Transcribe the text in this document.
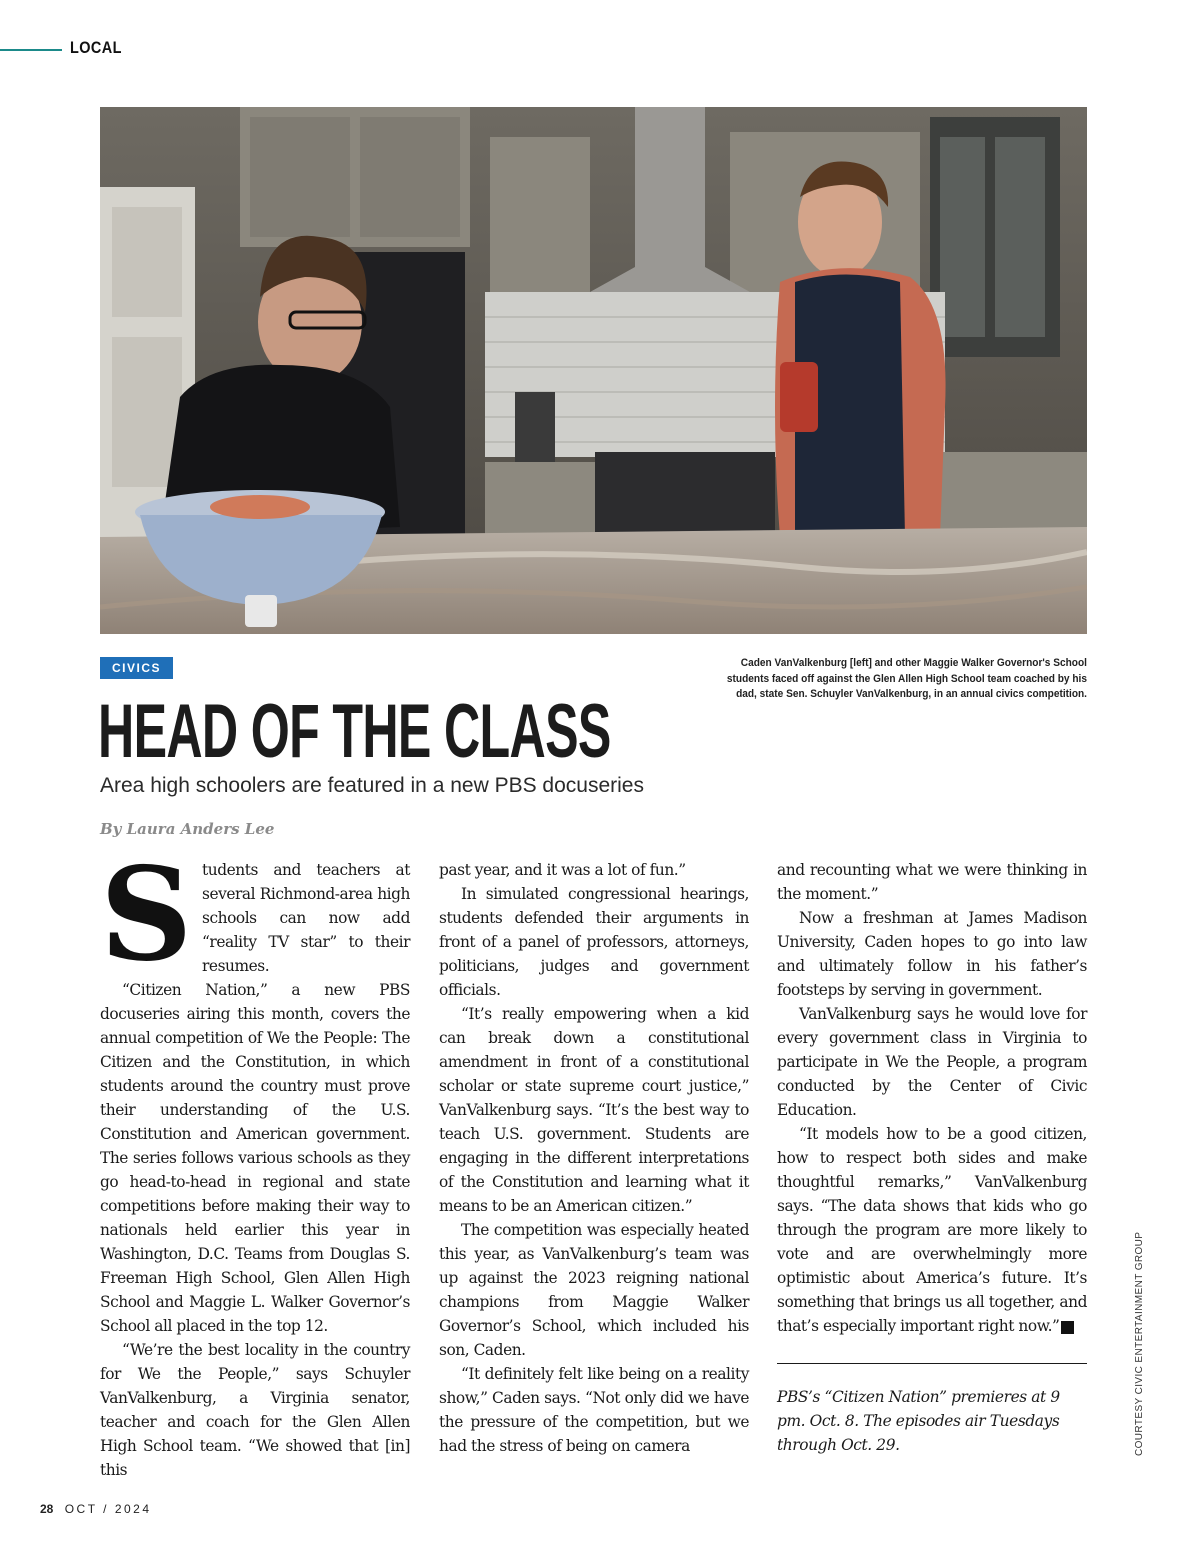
LOCAL
CIVICS	Caden VanValkenburg [left] and other Maggie Walker Governor's School students faced off against the Glen Allen High School team coached by his dad, state Sen. Schuyler VanValkenburg, in an annual civics competition.
HEAD OF THE CLASS
Area high schoolers are featured in a new PBS docuseries
By Laura Anders Lee
S tudents and teachers at several Richmond-area high schools can now add “reality TV star” to their resumes.

“Citizen Nation,” a new PBS docuseries airing this month, covers the annual competition of We the People: The Citizen and the Constitution, in which students around the country must prove their understanding of the U.S. Constitution and American government. The series follows various schools as they go head-to-head in regional and state competitions before making their way to nationals held earlier this year in Washington, D.C. Teams from Douglas S. Freeman High School, Glen Allen High School and Maggie L. Walker Governor’s School all placed in the top 12.

“We’re the best locality in the country for We the People,” says Schuyler VanValkenburg, a Virginia senator, teacher and coach for the Glen Allen High School team. “We showed that [in] this

past year, and it was a lot of fun.”

In simulated congressional hearings, students defended their arguments in front of a panel of professors, attorneys, politicians, judges and government officials.

“It’s really empowering when a kid can break down a constitutional amendment in front of a constitutional scholar or state supreme court justice,” VanValkenburg says. “It’s the best way to teach U.S. government. Students are engaging in the different interpretations of the Constitution and learning what it means to be an American citizen.”

The competition was especially heated this year, as VanValkenburg’s team was up against the 2023 reigning national champions from Maggie Walker Governor’s School, which included his son, Caden.

“It definitely felt like being on a reality show,” Caden says. “Not only did we have the pressure of the competition, but we had the stress of being on camera

and recounting what we were thinking in the moment.”

Now a freshman at James Madison University, Caden hopes to go into law and ultimately follow in his father’s footsteps by serving in government.

VanValkenburg says he would love for every government class in Virginia to participate in We the People, a program conducted by the Center of Civic Education.

“It models how to be a good citizen, how to respect both sides and make thoughtful remarks,” VanValkenburg says. “The data shows that kids who go through the program are more likely to vote and are overwhelmingly more optimistic about America’s future. It’s something that brings us all together, and that’s especially important right now.” R

PBS’s “Citizen Nation” premieres at 9 pm. Oct. 8. The episodes air Tuesdays through Oct. 29.	COURTESY CIVIC ENTERTAINMENT GROUP
28 OCT / 2024
